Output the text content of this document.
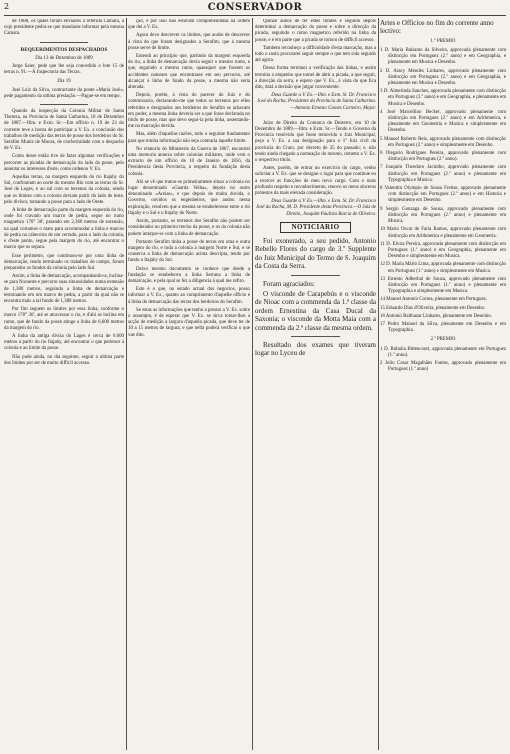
2	CONSERVADOR

de 1888, os quaes foram enviados á referida Camara, á cujo presidente pediu-se que mandasse informar pela mesma Camara.

REQUERIMENTOS DESPACHADOS
Dia 13 de Dezembro de 1889

Jorge Saier, pede que lhe seja concedido o lote 15 de terras n. 91.—Á Inspectoria das Terras.

Dia 19

José Luiz da Silva, contractante da ponte «Maria José», pede pagamento da ultima prestação.—Pague-se em tempo.

Quando da inspecção da Colonia Militar de Santa Thereza, na Provincia de Santa Catharina, 10 de Dezembro de 1887.—Illm. e Exm. Sr.—Em officio n. 19 de 23 do corrente teve a honra de participar a V. Ex. a conclusão dos trabalhos de medição das terras de posse dos herdeiros do Sr. Serafim Muniz de Moura, de conformidade com o despacho de V. Ex.

Como desse então tive de fazer algumas verificações e percorrer as picadas de demarcação do lado da posse, pelo assentar os interesses d'este, como ordenou V. Ex.

Aquellas terras, na margem esquerda do rio Itajahy do Sul, confrontam ao norte do mesmo Rio com as terras do Sr. José de Loges, e ao sul com os terrenos da colonia, sendo que os limites com a colonia deviam partir do lado de leste, pelo divisor, tomando a posse para o lado de Oeste.

A linha de demarcação parte da margem esquerda do rio, onde foi cravado um marco de pedra, segue no rumo magnetico 178° 30', parando em 2,360 metros de extensão, na qual cortamos o mato para accommodar a linha e marcos de pedra na cabeceira de um cerrado, para o lado da colonia, e d'este ponto, segue pela margem do rio, até encontrar o marco que os separa.

Esse perimetro, que continuou-se por uma linha de demarcação, tendo terminado os trabalhos de campo, foram preparados os fundos da colonia pelo lado Sul.

Assim, a linha de demarcação, acompanhando-a, inclina-se para Noroeste e percorre suas sinuosidades numa extensão de 1,380 metros, seguindo a linha de demarcação e terminando em um marco de pedra, a partir da qual não se encontra mais a tal fundo de 1,380 metros.

Por fim seguem os limites por essa linha, conforme o marco 178° 30', até se atravessar o rio, e d'ahi se inclina em rumo, que de fundo da posse atinge a linha de 6,600 metros da margem do rio.

A linha da antiga divisa do Lages é cerca de 6.600 metros a partir do rio Itajahy, até encontrar o que pertence á colonia e ao limite da posse.

Não pude ainda, no dia seguinte, seguir a ultima parte dos limites por ser de muito difficil accesso.

ção, e por isso não estavam comprehendidas na ordem que dei a V. Ex.

Agora devo descrever os limites, que acabo de descrever á vista do que foram designados a Serafim, que á mesma posse serve de limite.

Entendi ao principio que, partindo da margem esquerda do rio, a linha de demarcação devia seguir o mesmo rumo, e que, seguindo o mesmo rumo, quaesquer que fossem os accidentes naturaes que encontrasse em seu percurso, até alcançar a linha de fundo da posse, a mesma não seria alterada.

Depois, porém, á vista do parecer do Juiz e do commissario, declarando-me que todos os terrenos por elles referidos e designados aos herdeiros de Serafim se achavam em poder, a mesma linha deveria ser a que fosse declarada no titulo de posse, mas que devo segui-la pela linha, assentando-me na marcação devida.

Mas, além d'aquellas razões, todo o seguinte fundamento para que minha informação não seja contraria áquelle limite.

No relatorio do Ministerio da Guerra de 1867, encontrei uma memoria annexa sobre colonias militares, onde vem o extracto de um officio de 10 de Janeiro de 1856, da Presidencia desta Provincia, a respeito da fundação desta colonia.

Ahi se vê que tratou-se primeiramente situar a colonia no logar denominado «Guarda Velha», depois no outro denominado «Areias», e que depois de muita duvida, o Governo, ouvidos os engenheiros, que andou nessa exploração, resolveu que a mesma se estabelecesse entre o rio Itajahy e o Sul e o Itajahy do Norte.

Assim, portanto, os terrenos dos Serafim não podem ser considerados no primeiro trecho da posse, e os da colonia não podem interpor-se com a linha de demarcação.

Portanto Serafim tinha a posse de terras em uma e outra margem do rio, e toda a colonia á margem Norte e Sul, e se conserva a linha de demarcação acima descripta, tendo por fundo o Itajahy do Sul.

Deixo mesmo documento se conhece que desde a fundação se estabeleceu a linha Serrana a linha de demarcação, e pela qual se fez a diligencia á qual me refiro.

Este é o que, no estado actual dos negocios, posso informar a V. Ex., quanto ao cumprimento d'aquelle officio e á linha de demarcação das terras dos herdeiros do Serafim.

Se estas as informações que tenho a prestar a V. Ex. sobre o assumpto, é de esperar que V. Ex. se sirva tomar-lhes a acção de medição a largura d'aquella picada, que deve ter de 10 a 15 metros de largura, e que nella poderá verificar o que vae dito.

Quinze annos de ter estes limites e seguido depois determinar a demarcação da posse e sobre a direcção da picada, seguindo o rumo magnetico referido na linha da posse, e é em parte que a picada se tornou de difficil accesso.

Tambem reconheço a difficuldade d'esta marcação, mas a todo o custo procurarei seguir sempre o que tem sido seguido até agora.

Dessa forma terminei a verificação das linhas, e assim termino o empenho que tomei de abrir a picada, a que seguir, a direcção da serra, e espero que V. Ex., á vista do que fica dito, dará a decisão que julgar conveniente.

Deus Guarde a V. Ex.—Illm. e Exm. Sr. Dr. Francisco José da Rocha, Presidente da Provincia de Santa Catharina.—Antonio Ernesto Gomes Carneiro, Major.

Juizo de Direito da Comarca de Desterro, em 10 de Dezembro de 1889.—Illm. e Exm. Sr.—Tendo o Governo da Provincia resolvido que fosse removido o Juiz Municipal, peço a V. Ex. a sua designação para o 1º Juiz civil da provincia do Crato, por decreto de 25 do passado; e, não tendo ainda chegado a nomeação do mesmo, remetto a V. Ex. o respectivo titulo.

Antes, porém, de entrar no exercicio do cargo, venho solicitar a V. Ex. que se designe o logar para que continue eu a exercer as funcções de meu novo cargo. Com o mais profundo respeito e reconhecimento, renovo os meus sinceros protestos da mais elevada consideração.

Deus Guarde a V. Ex.—Illm. e Exm. Sr. Dr. Francisco José da Rocha, M. D. Presidente desta Provincia.—O Juiz de Direito, Joaquim Paulista Barcia de Oliveira.

NOTICIARIO

Foi exonerado, a seu pedido, Antonio Rebello Flores do cargo de 3.º Supplente do Juiz Municipal do Termo de S. Joaquim da Costa da Serra.

Foram agraciados:

O visconde de Carapebús e o visconde de Nioac com a commenda da 1.ª classe da ordem Ernestina da Casa Ducal da Saxonia; o visconde da Motta Maia com a commenda da 2.ª classe da mesma ordem.

Resultado dos exames que tiveram logar no Lyceu de

Artes e Officios no fim do corrente anno lectivo:
1.º PREMIO
1 D. Maria Balsamo da Silveira, approvada plenamente com distincção em Portuguez (2.º anno) e em Geographia, e plenamente em Musica e Desenho.
2 D. Aracy Mendes Linhares, approvada plenamente com distincção em Portuguez (2.º anno) e em Geographia, e plenamente em Musica e Desenho.
3 D. Almerinda Sanches, approvada plenamente com distincção em Portuguez (2.º anno) e em Geographia, e plenamente em Musica e Desenho.
4 José Marcellino Becker, approvado plenamente com distincção em Portuguez (2.º anno) e em Arithmetica, e plenamente em Geometria e Musica e simplesmente em Desenho.
5 Manoel Roberto Reis, approvado plenamente com distincção em Portuguez (2.º anno) e simplesmente em Desenho.
6 Olegario Rodrigues Pereira, approvado plenamente com distincção em Portuguez (2.º anno).
7 Joaquim Theodoro Jacintho, approvado plenamente com distincção em Portuguez (2.º anno) e plenamente em Typographia e Musica.
8 Valentim Olympio de Sousa Freitas, approvado plenamente com distincção em Portuguez (2.º anno) e em Historia e simplesmente em Desenho.
9 Sergio Gonzaga de Sousa, approvado plenamente com distincção em Portuguez (2.º anno) e plenamente em Musica.
10 Mario Oscar de Faria Ramos, approvado plenamente com distincção em Arithmetica e plenamente em Geometria.
11 D. Elvira Pereira, approvada plenamente com distincção em Portuguez (1.º anno) e em Geographia, plenamente em Desenho e simplesmente em Musica.
12 D. Maria Mário Lima, approvada plenamente com distincção em Portuguez (1.º anno) e simplesmente em Musica.
13 Ernesto Adherbal de Souza, approvado plenamente com distincção em Portuguez (1.º anno) e plenamente em Typographia e simplesmente em Musica.
14 Manoel Antonio Correa, plenamente em Portuguez.
15 Eduardo Dias d'Oliveira, plenamente em Desenho.
16 Antonio Balthazar Linhares, plenamente em Desenho.
17 Pedro Manoel da Silva, plenamente em Desenho e em Typographia.
2.º PREMIO
1 D. Rubalia Bittencourt, approvada plenamente em Portuguez (1.º anno).
2 Julio Cesar Magalhães Fontes, approvado plenamente em Portuguez (1.º anno)
